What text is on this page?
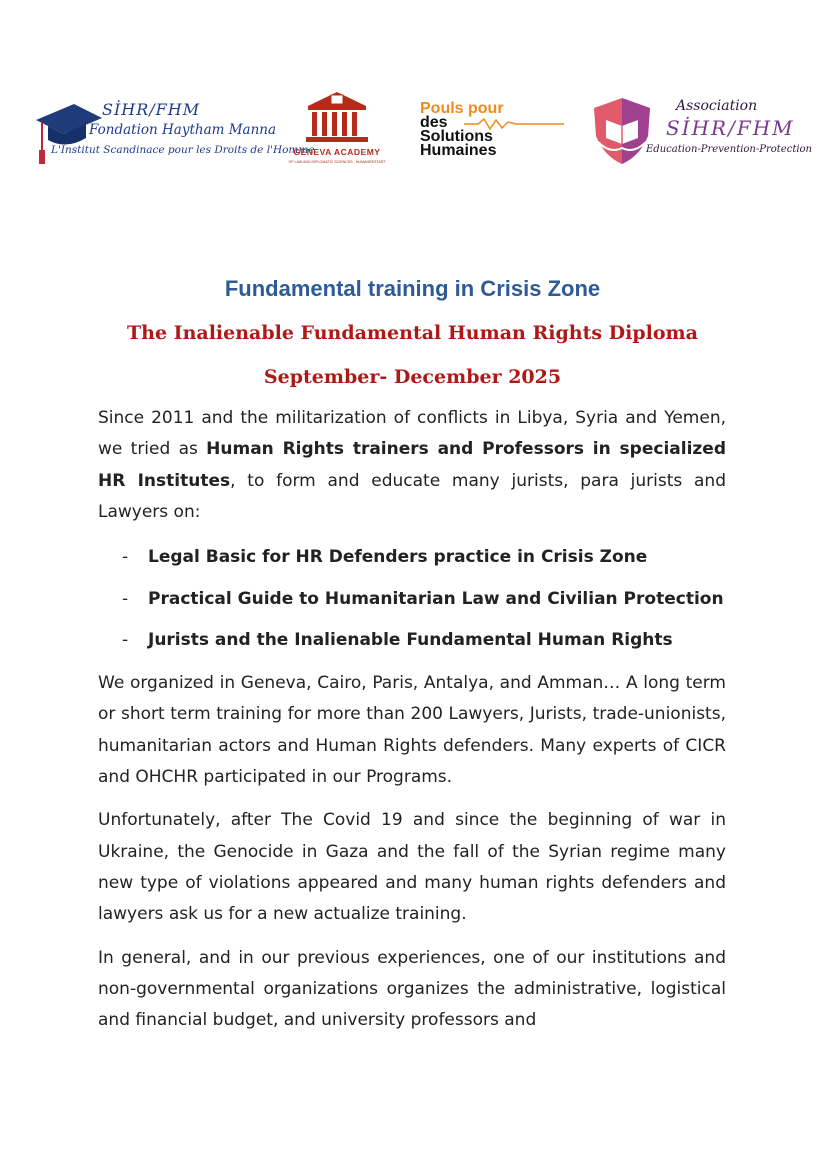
SİHR/FHM
Fondation Haytham Manna
L'Institut Scandinace pour les Droits de l'Homme
GENEVA ACADEMY
OF LAW AND DIPLOMATIC SCIENCES - HUMANRESTART
Pouls pour
des
Solutions
Humaines
Association
SİHR/FHM
Education-Prevention-Protection
Fundamental training in Crisis Zone
The Inalienable Fundamental Human Rights Diploma
September- December 2025

Since 2011 and the militarization of conflicts in Libya, Syria and Yemen, we tried as Human Rights trainers and Professors in specialized HR Institutes, to form and educate many jurists, para jurists and Lawyers on:

- Legal Basic for HR Defenders practice in Crisis Zone
- Practical Guide to Humanitarian Law and Civilian Protection
- Jurists and the Inalienable Fundamental Human Rights

We organized in Geneva, Cairo, Paris, Antalya, and Amman… A long term or short term training for more than 200 Lawyers, Jurists, trade-unionists, humanitarian actors and Human Rights defenders. Many experts of CICR and OHCHR participated in our Programs.

Unfortunately, after The Covid 19 and since the beginning of war in Ukraine, the Genocide in Gaza and the fall of the Syrian regime many new type of violations appeared and many human rights defenders and lawyers ask us for a new actualize training.

In general, and in our previous experiences, one of our institutions and non-governmental organizations organizes the administrative, logistical and financial budget, and university professors and
